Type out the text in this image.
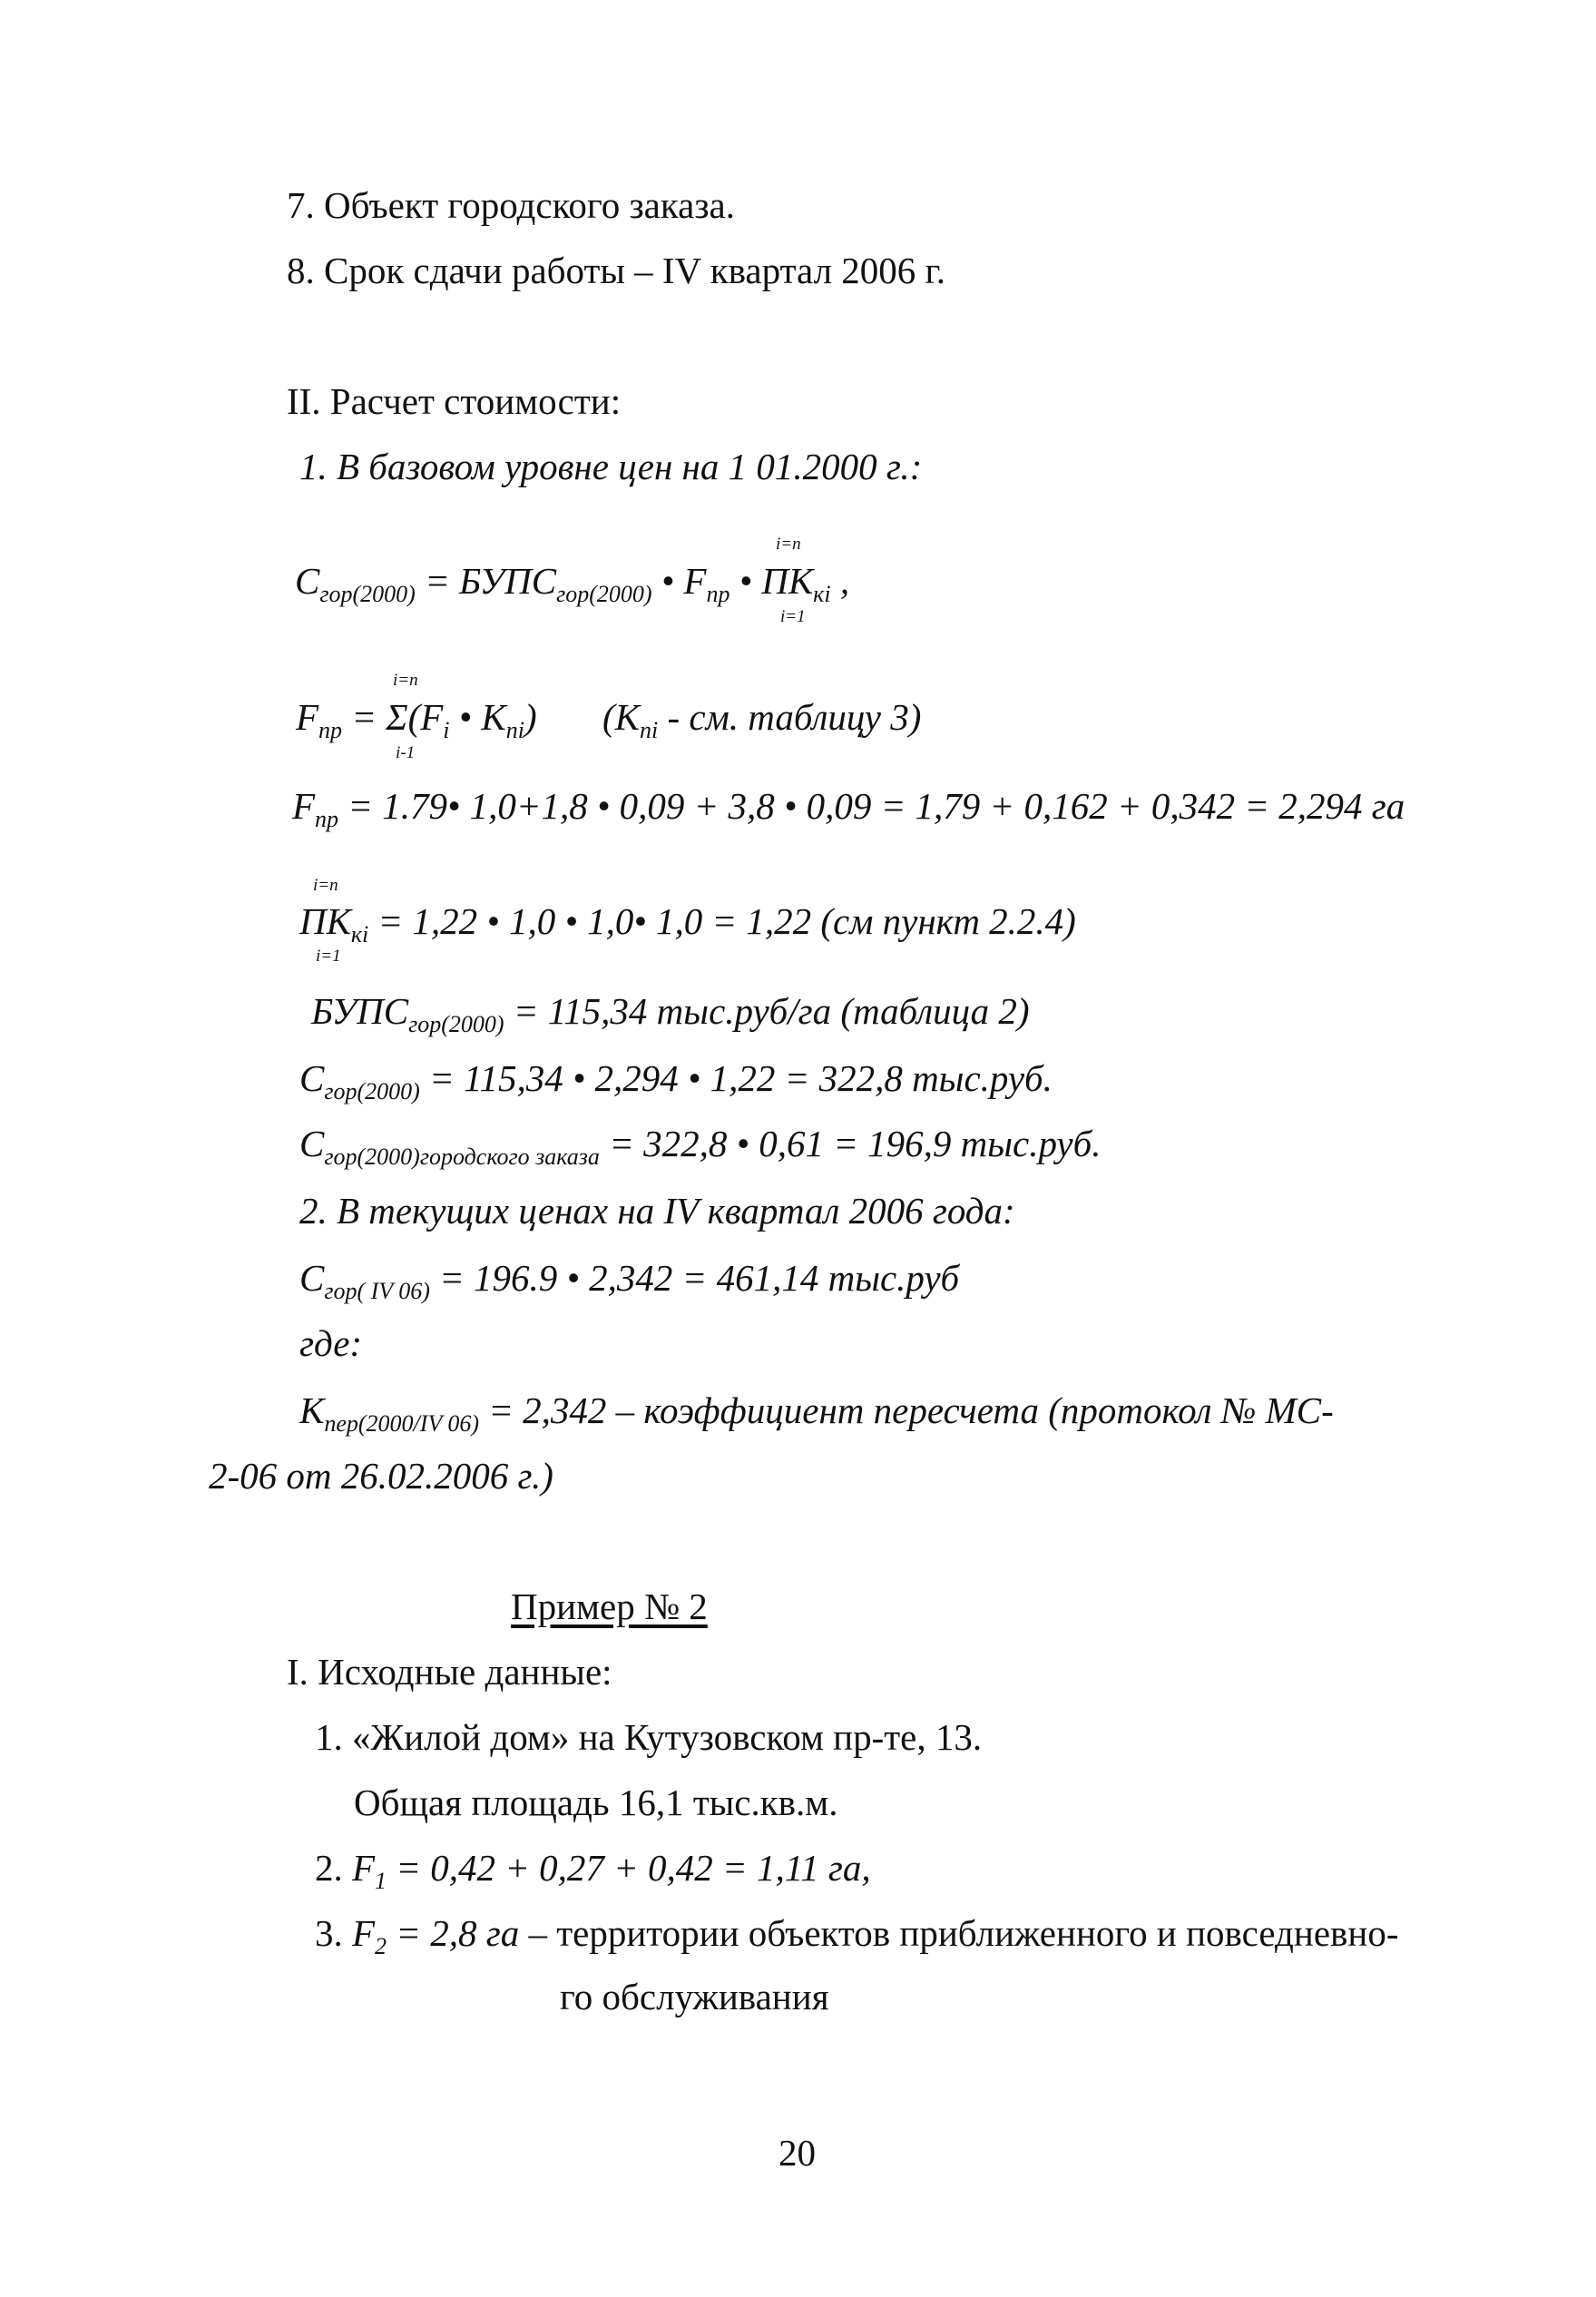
7. Объект городского заказа.
8. Срок сдачи работы – IV квартал 2006 г.
II. Расчет стоимости:
1. В базовом уровне цен на 1 01.2000 г.:
i=n
$C_{гор(2000)}$ = $БУПС_{гор(2000)}$ • $F_{пр}$ • $ПК_{кi}$ ,
i=1
i=n
$F_{пр} = \Sigma(F_i$ • $K_{ni}$) ($K_{ni}$ - см. таблицу 3)
i-1
$F_{пр}$ = 1.79• 1,0+1,8 • 0,09 + 3,8 • 0,09 = 1,79 + 0,162 + 0,342 = 2,294 га
i=n
$ПК_{кi} = 1,22$ • 1,0 • 1,0• 1,0 = 1,22 (см пункт 2.2.4)
i=1
$БУПС_{гор(2000)} = 115,34$ тыс.руб/га (таблица 2)
$C_{гор(2000)} = 115,34$ • 2,294 • 1,22 = 322,8 тыс.руб.
$C_{гор(2000)городского заказа} = 322,8$ • 0,61 = 196,9 тыс.руб.
2. В текущих ценах на IV квартал 2006 года:
$C_{гор( IV 06)} = 196.9$ • 2,342 = 461,14 тыс.руб
где:
$K_{пер(2000/IV 06)} = 2,342$ – коэффициент пересчета (протокол № МС-
2-06 от 26.02.2006 г.)
Пример № 2
I. Исходные данные:
1. «Жилой дом» на Кутузовском пр-те, 13.
Общая площадь 16,1 тыс.кв.м.
2. $F_1 = 0,42 + 0,27 + 0,42 = 1,11$ га,
3. $F_2 = 2,8$ га – территории объектов приближенного и повседневно-
го обслуживания
20
